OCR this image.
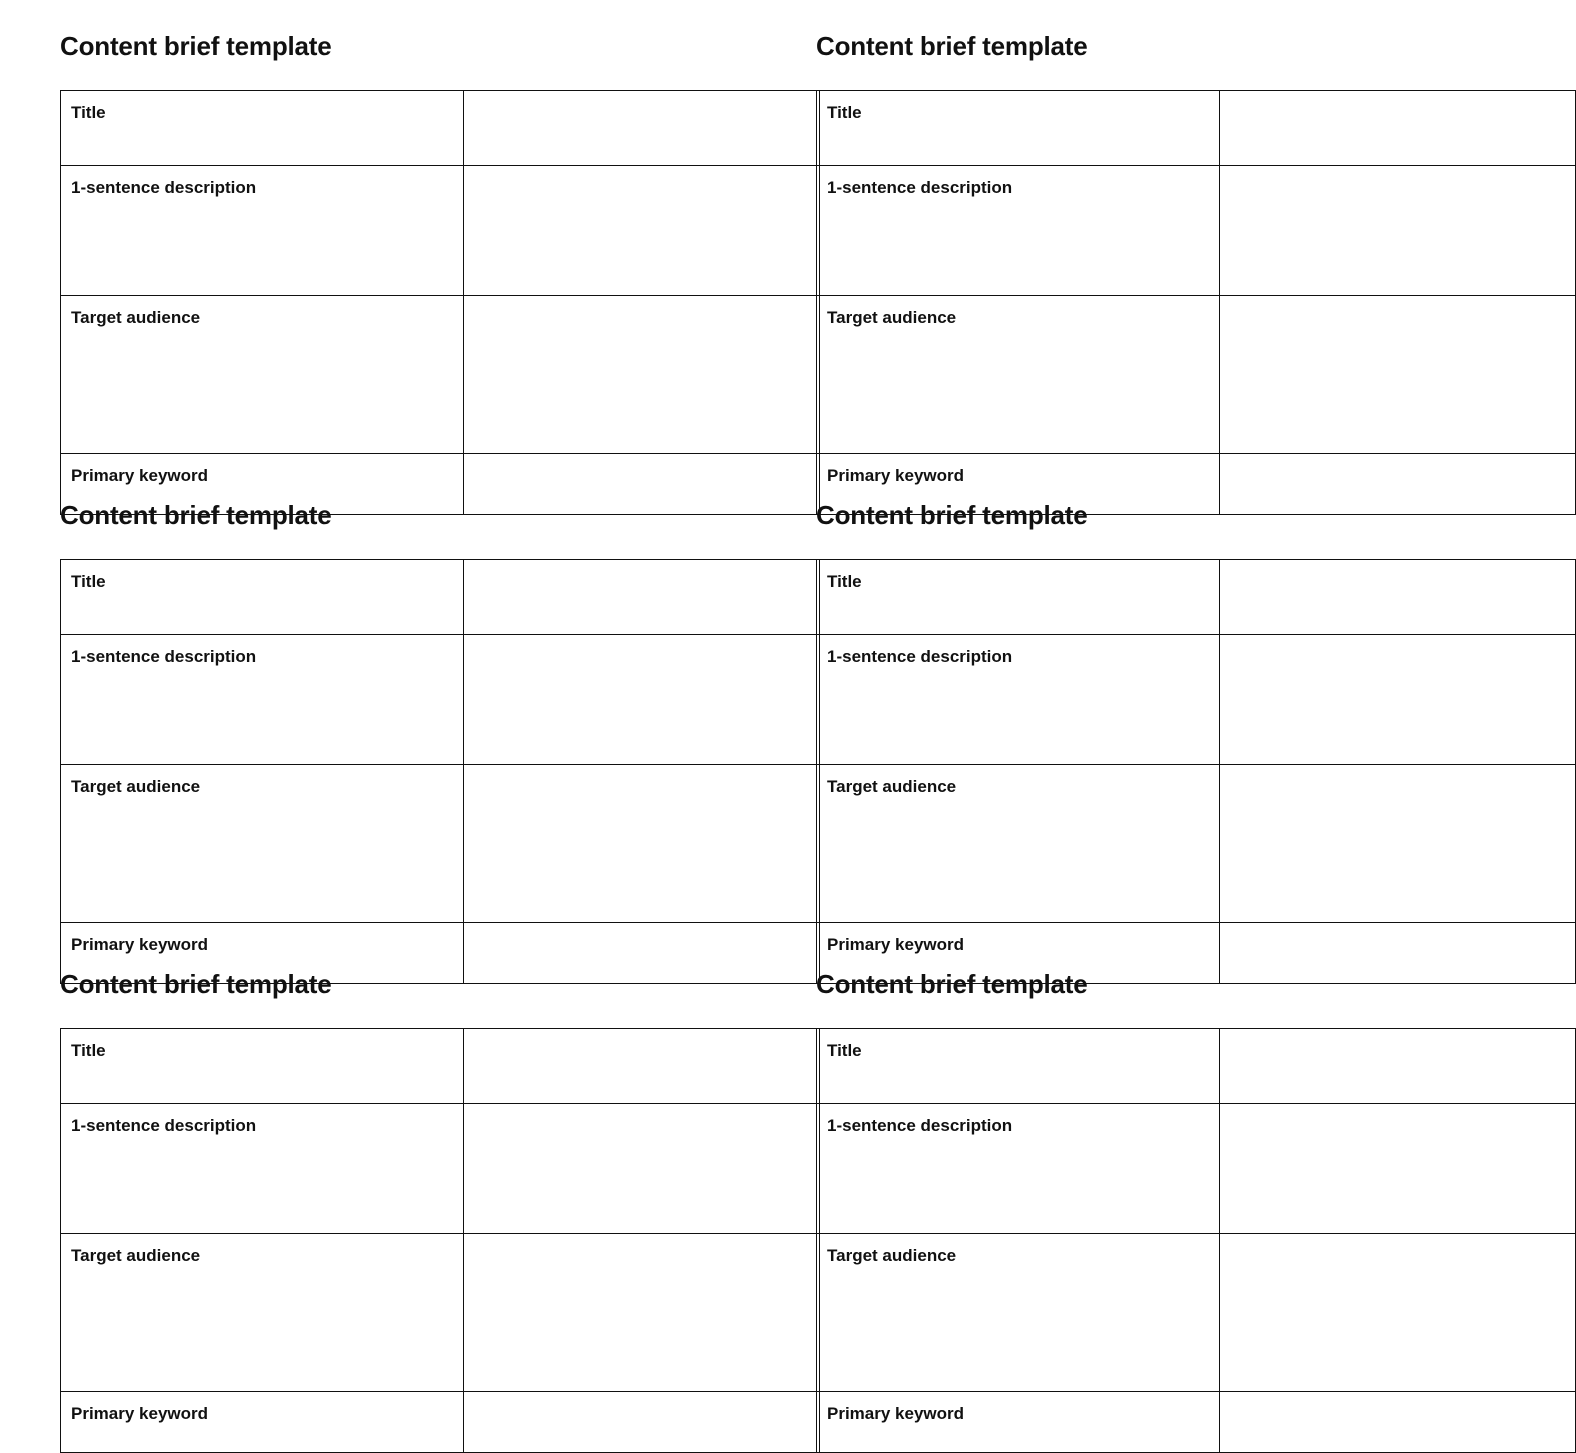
Content brief template
Title	

1-sentence description	

Target audience	

Primary keyword	

Content brief template
Title	

1-sentence description	

Target audience	

Primary keyword	

Content brief template
Title	

1-sentence description	

Target audience	

Primary keyword	

Content brief template
Title	

1-sentence description	

Target audience	

Primary keyword	

Content brief template
Title	

1-sentence description	

Target audience	

Primary keyword	

Content brief template
Title	

1-sentence description	

Target audience	

Primary keyword	
